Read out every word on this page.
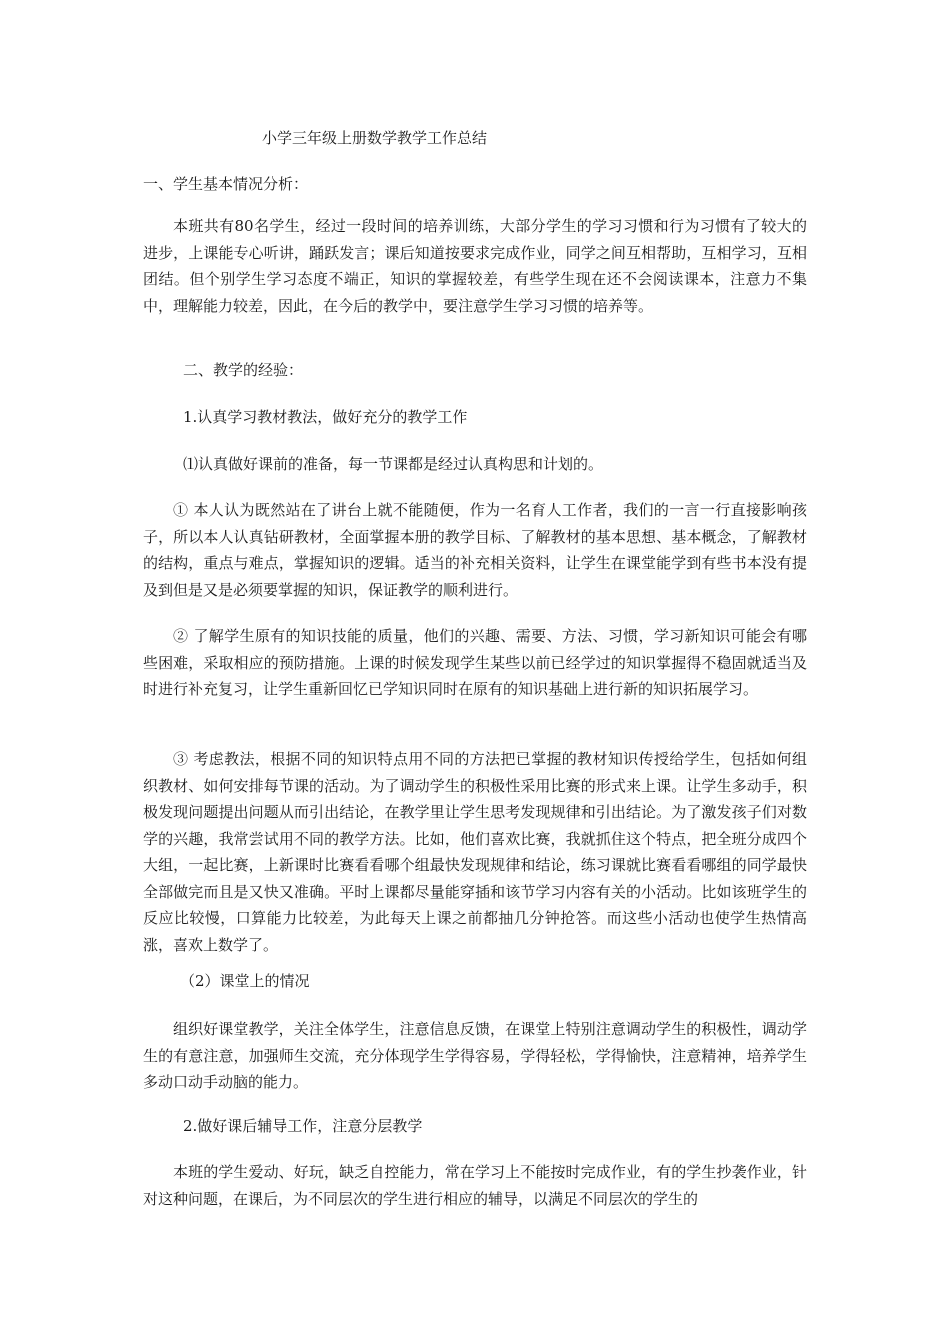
小学三年级上册数学教学工作总结
一、学生基本情况分析：
本班共有80名学生，经过一段时间的培养训练，大部分学生的学习习惯和行为习惯有了较大的进步，上课能专心听讲，踊跃发言；课后知道按要求完成作业，同学之间互相帮助，互相学习，互相团结。但个别学生学习态度不端正，知识的掌握较差，有些学生现在还不会阅读课本，注意力不集中，理解能力较差，因此，在今后的教学中，要注意学生学习习惯的培养等。
二、教学的经验：
1.认真学习教材教法，做好充分的教学工作
⑴认真做好课前的准备，每一节课都是经过认真构思和计划的。
① 本人认为既然站在了讲台上就不能随便，作为一名育人工作者，我们的一言一行直接影响孩子，所以本人认真钻研教材，全面掌握本册的教学目标、了解教材的基本思想、基本概念，了解教材的结构，重点与难点，掌握知识的逻辑。适当的补充相关资料，让学生在课堂能学到有些书本没有提及到但是又是必须要掌握的知识，保证教学的顺利进行。
② 了解学生原有的知识技能的质量，他们的兴趣、需要、方法、习惯，学习新知识可能会有哪些困难，采取相应的预防措施。上课的时候发现学生某些以前已经学过的知识掌握得不稳固就适当及时进行补充复习，让学生重新回忆已学知识同时在原有的知识基础上进行新的知识拓展学习。
③ 考虑教法，根据不同的知识特点用不同的方法把已掌握的教材知识传授给学生，包括如何组织教材、如何安排每节课的活动。为了调动学生的积极性采用比赛的形式来上课。让学生多动手，积极发现问题提出问题从而引出结论，在教学里让学生思考发现规律和引出结论。为了激发孩子们对数学的兴趣，我常尝试用不同的教学方法。比如，他们喜欢比赛，我就抓住这个特点，把全班分成四个大组，一起比赛，上新课时比赛看看哪个组最快发现规律和结论，练习课就比赛看看哪组的同学最快全部做完而且是又快又准确。平时上课都尽量能穿插和该节学习内容有关的小活动。比如该班学生的反应比较慢，口算能力比较差，为此每天上课之前都抽几分钟抢答。而这些小活动也使学生热情高涨，喜欢上数学了。
（2）课堂上的情况
组织好课堂教学，关注全体学生，注意信息反馈，在课堂上特别注意调动学生的积极性，调动学生的有意注意，加强师生交流，充分体现学生学得容易，学得轻松，学得愉快，注意精神，培养学生多动口动手动脑的能力。
2.做好课后辅导工作，注意分层教学
本班的学生爱动、好玩，缺乏自控能力，常在学习上不能按时完成作业，有的学生抄袭作业，针对这种问题，在课后，为不同层次的学生进行相应的辅导，以满足不同层次的学生的
